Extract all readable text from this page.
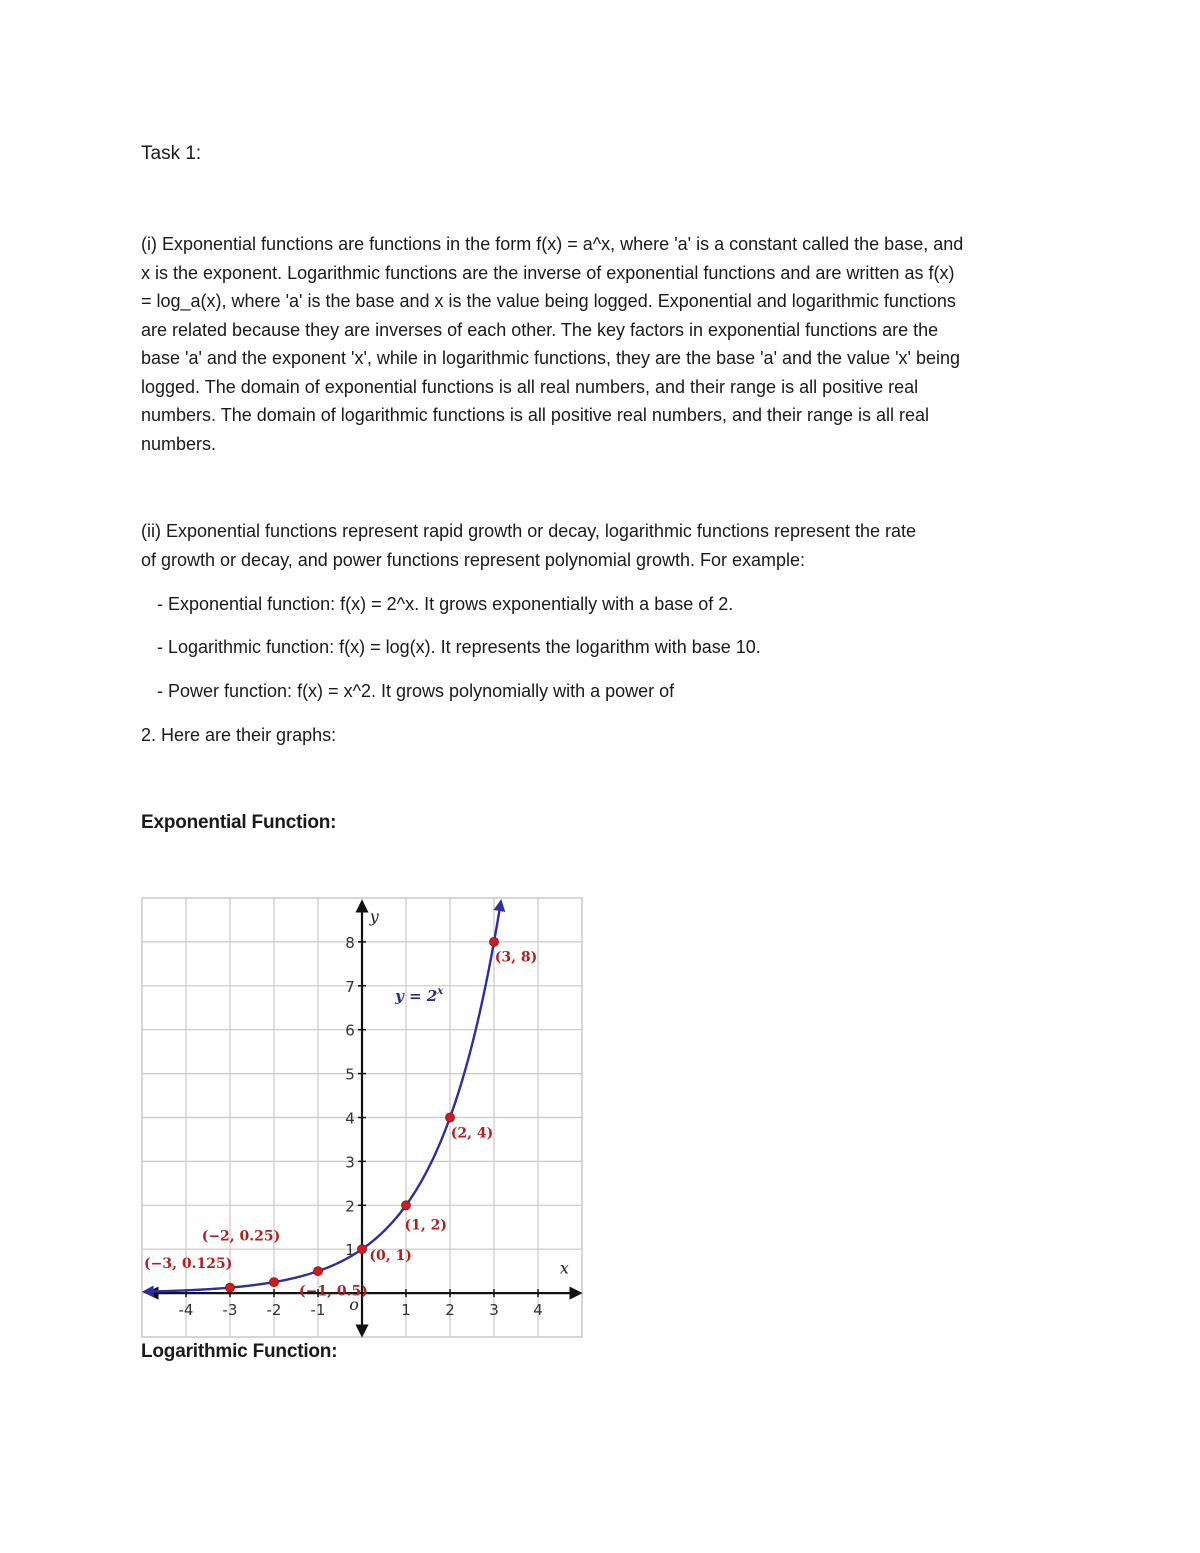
Task 1:
(i) Exponential functions are functions in the form f(x) = a^x, where 'a' is a constant called the base, and
x is the exponent. Logarithmic functions are the inverse of exponential functions and are written as f(x)
= log_a(x), where 'a' is the base and x is the value being logged. Exponential and logarithmic functions
are related because they are inverses of each other. The key factors in exponential functions are the
base 'a' and the exponent 'x', while in logarithmic functions, they are the base 'a' and the value 'x' being
logged. The domain of exponential functions is all real numbers, and their range is all positive real
numbers. The domain of logarithmic functions is all positive real numbers, and their range is all real
numbers.
(ii) Exponential functions represent rapid growth or decay, logarithmic functions represent the rate
of growth or decay, and power functions represent polynomial growth. For example:
- Exponential function: f(x) = 2^x. It grows exponentially with a base of 2.
- Logarithmic function: f(x) = log(x). It represents the logarithm with base 10.
- Power function: f(x) = x^2. It grows polynomially with a power of
2. Here are their graphs:
Exponential Function:
-4 -3 -2 -1	1 2 3 4
1
2
3
4
5
6
7
8
x
y
o
$y = 2^x$
(−3, 0.125)
(−2, 0.25)
(−1, 0.5)
(0, 1)
(1, 2)
(2, 4)
(3, 8)
Logarithmic Function:
